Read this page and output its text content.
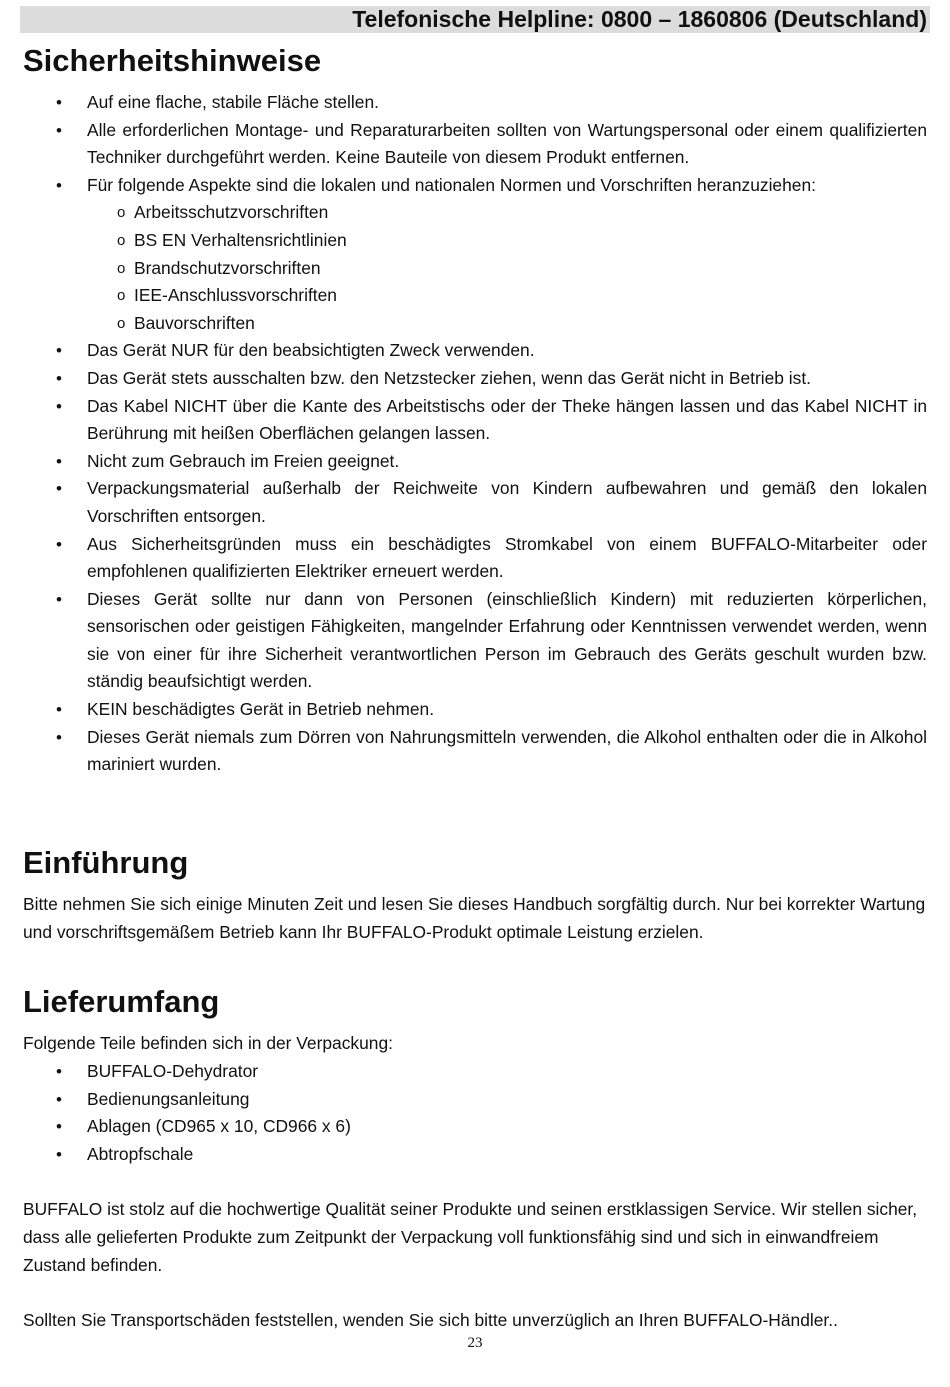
Telefonische Helpline: 0800 – 1860806 (Deutschland)
Sicherheitshinweise
• Auf eine flache, stabile Fläche stellen.
• Alle erforderlichen Montage- und Reparaturarbeiten sollten von Wartungspersonal oder einem qualifizierten Techniker durchgeführt werden. Keine Bauteile von diesem Produkt entfernen.
• Für folgende Aspekte sind die lokalen und nationalen Normen und Vorschriften heranzuziehen:
o Arbeitsschutzvorschriften
o BS EN Verhaltensrichtlinien
o Brandschutzvorschriften
o IEE-Anschlussvorschriften
o Bauvorschriften
• Das Gerät NUR für den beabsichtigten Zweck verwenden.
• Das Gerät stets ausschalten bzw. den Netzstecker ziehen, wenn das Gerät nicht in Betrieb ist.
• Das Kabel NICHT über die Kante des Arbeitstischs oder der Theke hängen lassen und das Kabel NICHT in Berührung mit heißen Oberflächen gelangen lassen.
• Nicht zum Gebrauch im Freien geeignet.
• Verpackungsmaterial außerhalb der Reichweite von Kindern aufbewahren und gemäß den lokalen Vorschriften entsorgen.
• Aus Sicherheitsgründen muss ein beschädigtes Stromkabel von einem BUFFALO-Mitarbeiter oder empfohlenen qualifizierten Elektriker erneuert werden.
• Dieses Gerät sollte nur dann von Personen (einschließlich Kindern) mit reduzierten körperlichen, sensorischen oder geistigen Fähigkeiten, mangelnder Erfahrung oder Kenntnissen verwendet werden, wenn sie von einer für ihre Sicherheit verantwortlichen Person im Gebrauch des Geräts geschult wurden bzw. ständig beaufsichtigt werden.
• KEIN beschädigtes Gerät in Betrieb nehmen.
• Dieses Gerät niemals zum Dörren von Nahrungsmitteln verwenden, die Alkohol enthalten oder die in Alkohol mariniert wurden.
Einführung

Bitte nehmen Sie sich einige Minuten Zeit und lesen Sie dieses Handbuch sorgfältig durch. Nur bei korrekter Wartung und vorschriftsgemäßem Betrieb kann Ihr BUFFALO-Produkt optimale Leistung erzielen.

Lieferumfang

Folgende Teile befinden sich in der Verpackung:

• BUFFALO-Dehydrator
• Bedienungsanleitung
• Ablagen (CD965 x 10, CD966 x 6)
• Abtropfschale

BUFFALO ist stolz auf die hochwertige Qualität seiner Produkte und seinen erstklassigen Service. Wir stellen sicher, dass alle gelieferten Produkte zum Zeitpunkt der Verpackung voll funktionsfähig sind und sich in einwandfreiem Zustand befinden.

Sollten Sie Transportschäden feststellen, wenden Sie sich bitte unverzüglich an Ihren BUFFALO-Händler..

23
